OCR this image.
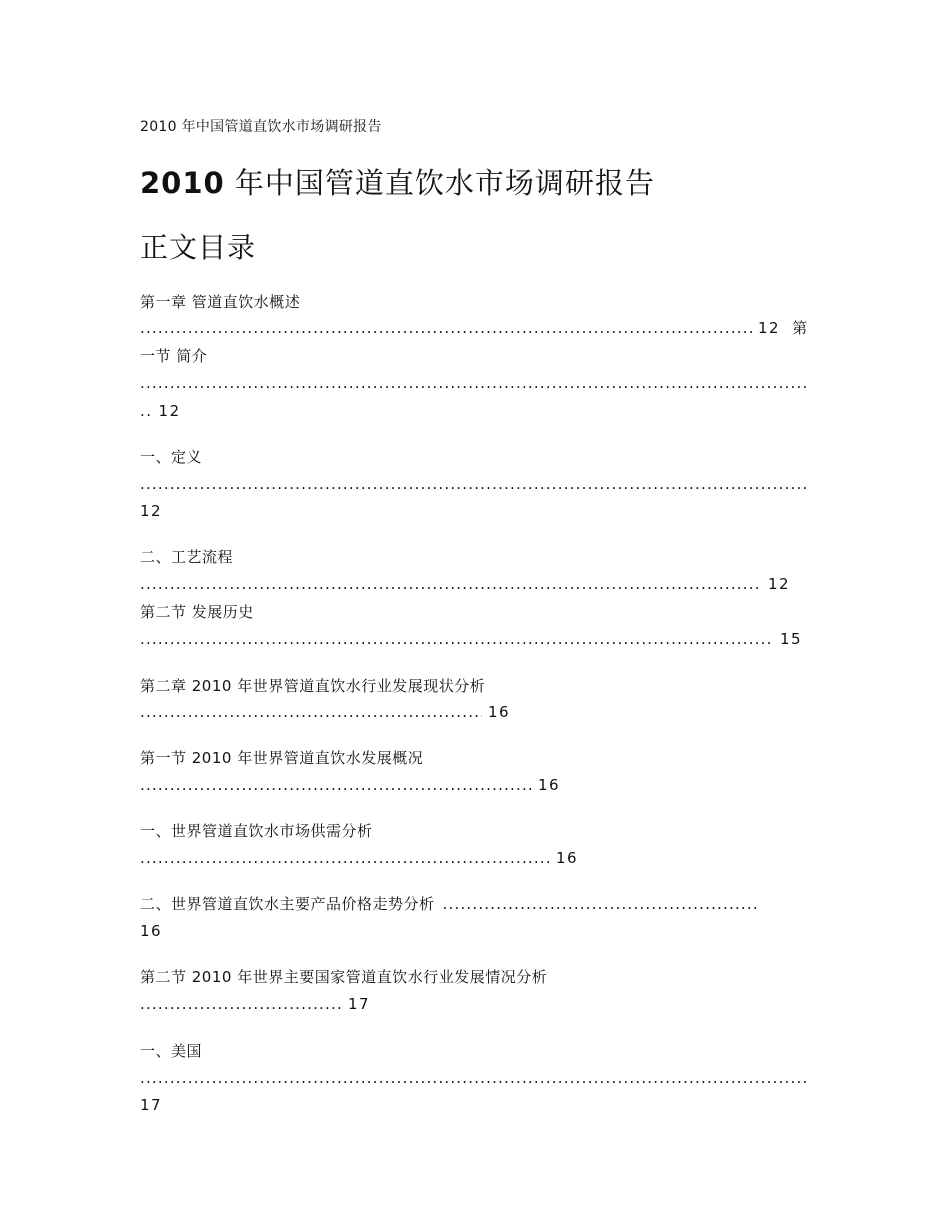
2010 年中国管道直饮水市场调研报告
2010 年中国管道直饮水市场调研报告
正文目录
第一章 管道直饮水概述
.....
12 第
一节 简介
.....
.. 12
一、定义
.....
12
二、工艺流程
.....
12
第二节 发展历史
.....
15
第二章 2010 年世界管道直饮水行业发展现状分析
.....
16
第一节 2010 年世界管道直饮水发展概况
.....
16
一、世界管道直饮水市场供需分析
.....
16
二、世界管道直饮水主要产品价格走势分析
.....
16
第二节 2010 年世界主要国家管道直饮水行业发展情况分析
.....
17
一、美国
.....
17
